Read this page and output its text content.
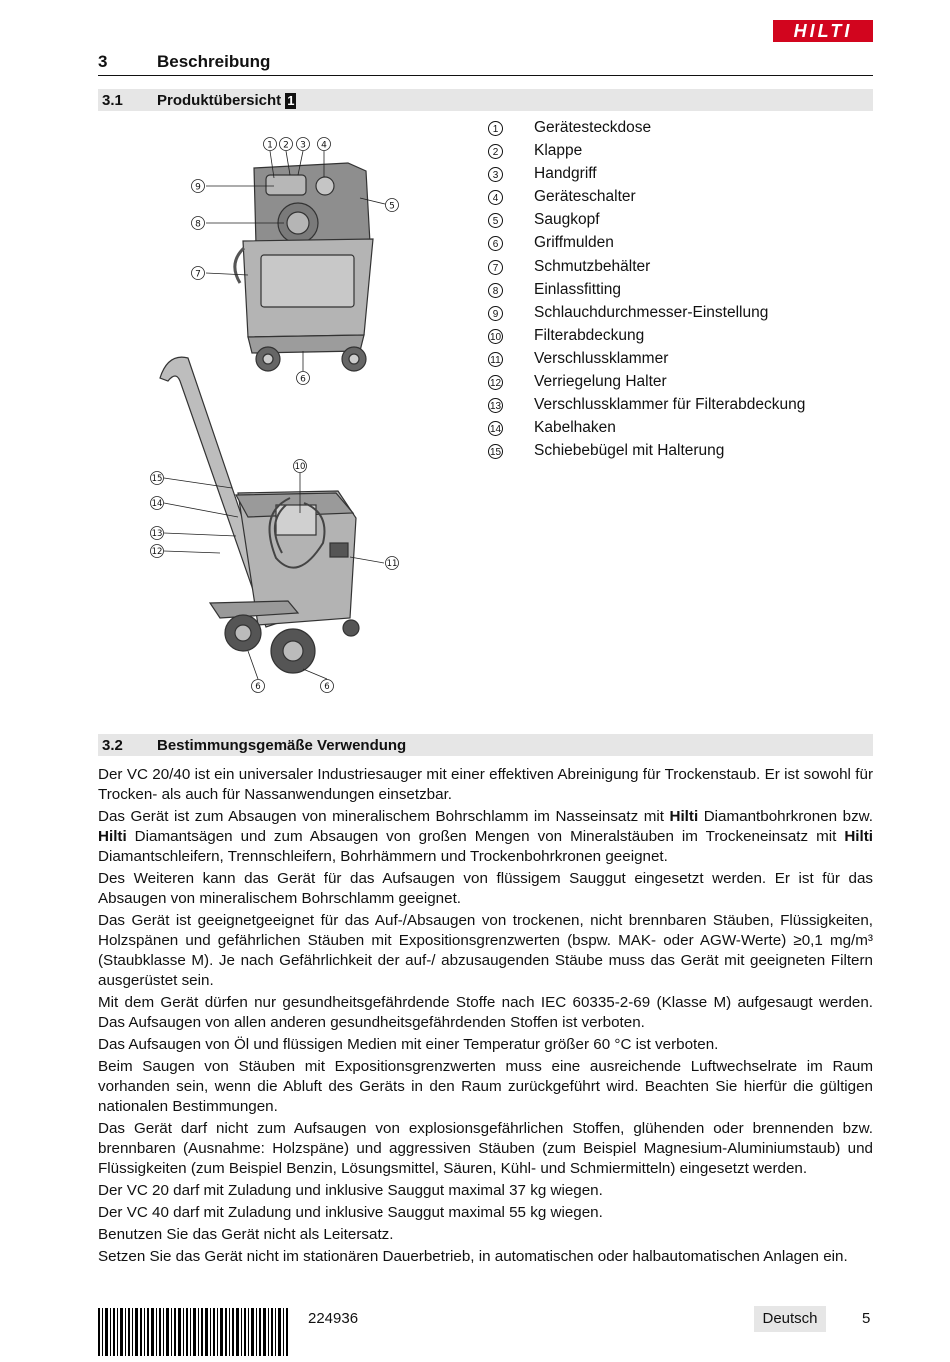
HILTI
3	Beschreibung
3.1 Produktübersicht 1
1 2 3 4
5
6
7
8
9
6	6
10
11
12
13
14
15
1	Gerätesteckdose
2	Klappe
3	Handgriff
4	Geräteschalter
5	Saugkopf
6	Griffmulden
7	Schmutzbehälter
8	Einlassfitting
9	Schlauchdurchmesser-Einstellung
10 Filterabdeckung
11 Verschlussklammer
12 Verriegelung Halter
13 Verschlussklammer für Filterabdeckung
14 Kabelhaken
15 Schiebebügel mit Halterung
3.2 Bestimmungsgemäße Verwendung

Der VC 20/40 ist ein universaler Industriesauger mit einer effektiven Abreinigung für Trockenstaub. Er ist sowohl für Trocken- als auch für Nassanwendungen einsetzbar.

Das Gerät ist zum Absaugen von mineralischem Bohrschlamm im Nasseinsatz mit Hilti Diamantbohrkronen bzw. Hilti Diamantsägen und zum Absaugen von großen Mengen von Mineralstäuben im Trockeneinsatz mit Hilti Diamantschleifern, Trennschleifern, Bohrhämmern und Trockenbohrkronen geeignet.

Des Weiteren kann das Gerät für das Aufsaugen von flüssigem Sauggut eingesetzt werden. Er ist für das Absaugen von mineralischem Bohrschlamm geeignet.

Das Gerät ist geeignetgeeignet für das Auf-/Absaugen von trockenen, nicht brennbaren Stäuben, Flüssigkeiten, Holzspänen und gefährlichen Stäuben mit Expositionsgrenzwerten (bspw. MAK- oder AGW-Werte) ≥0,1 mg/m³ (Staubklasse M). Je nach Gefährlichkeit der auf-/ abzusaugenden Stäube muss das Gerät mit geeigneten Filtern ausgerüstet sein.

Mit dem Gerät dürfen nur gesundheitsgefährdende Stoffe nach IEC 60335-2-69 (Klasse M) aufgesaugt werden. Das Aufsaugen von allen anderen gesundheitsgefährdenden Stoffen ist verboten.

Das Aufsaugen von Öl und flüssigen Medien mit einer Temperatur größer 60 °C ist verboten.

Beim Saugen von Stäuben mit Expositionsgrenzwerten muss eine ausreichende Luftwechselrate im Raum vorhanden sein, wenn die Abluft des Geräts in den Raum zurückgeführt wird. Beachten Sie hierfür die gültigen nationalen Bestimmungen.

Das Gerät darf nicht zum Aufsaugen von explosionsgefährlichen Stoffen, glühenden oder brennenden bzw. brennbaren (Ausnahme: Holzspäne) und aggressiven Stäuben (zum Beispiel Magnesium-Aluminiumstaub) und Flüssigkeiten (zum Beispiel Benzin, Lösungsmittel, Säuren, Kühl- und Schmiermitteln) eingesetzt werden.

Der VC 20 darf mit Zuladung und inklusive Sauggut maximal 37 kg wiegen.

Der VC 40 darf mit Zuladung und inklusive Sauggut maximal 55 kg wiegen.

Benutzen Sie das Gerät nicht als Leitersatz.

Setzen Sie das Gerät nicht im stationären Dauerbetrieb, in automatischen oder halbautomatischen Anlagen ein.

224936	Deutsch	5
